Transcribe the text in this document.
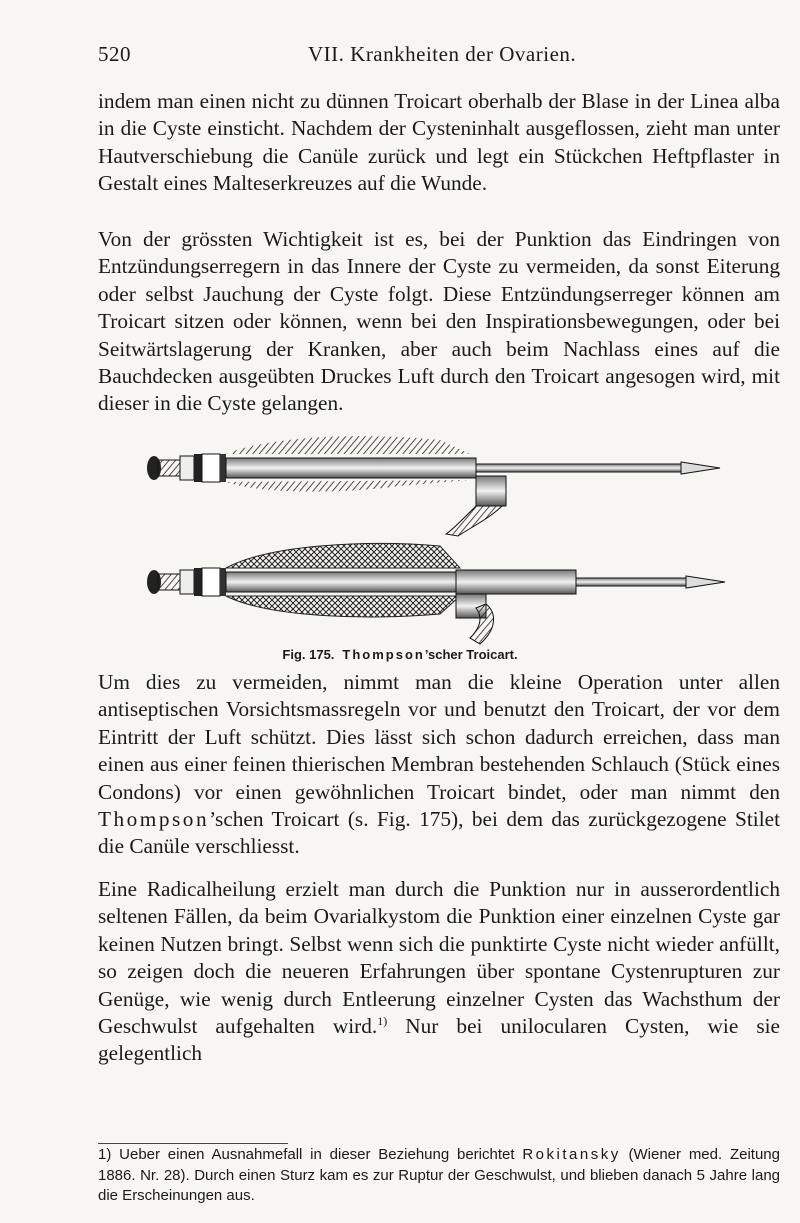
520	VII. Krankheiten der Ovarien.

indem man einen nicht zu dünnen Troicart oberhalb der Blase in der Linea alba in die Cyste einsticht. Nachdem der Cysteninhalt ausgeflossen, zieht man unter Hautverschiebung die Canüle zurück und legt ein Stückchen Heftpflaster in Gestalt eines Malteserkreuzes auf die Wunde.

Von der grössten Wichtigkeit ist es, bei der Punktion das Eindringen von Entzündungserregern in das Innere der Cyste zu vermeiden, da sonst Eiterung oder selbst Jauchung der Cyste folgt. Diese Entzündungserreger können am Troicart sitzen oder können, wenn bei den Inspirationsbewegungen, oder bei Seitwärtslagerung der Kranken, aber auch beim Nachlass eines auf die Bauchdecken ausgeübten Druckes Luft durch den Troicart angesogen wird, mit dieser in die Cyste gelangen.

Fig. 175. Thompson’scher Troicart.

Um dies zu vermeiden, nimmt man die kleine Operation unter allen antiseptischen Vorsichtsmassregeln vor und benutzt den Troicart, der vor dem Eintritt der Luft schützt. Dies lässt sich schon dadurch erreichen, dass man einen aus einer feinen thierischen Membran bestehenden Schlauch (Stück eines Condons) vor einen gewöhnlichen Troicart bindet, oder man nimmt den Thompson’schen Troicart (s. Fig. 175), bei dem das zurückgezogene Stilet die Canüle verschliesst.

Eine Radicalheilung erzielt man durch die Punktion nur in ausserordentlich seltenen Fällen, da beim Ovarialkystom die Punktion einer einzelnen Cyste gar keinen Nutzen bringt. Selbst wenn sich die punktirte Cyste nicht wieder anfüllt, so zeigen doch die neueren Erfahrungen über spontane Cystenrupturen zur Genüge, wie wenig durch Entleerung einzelner Cysten das Wachsthum der Geschwulst aufgehalten wird.$^{1)}$ Nur bei unilocularen Cysten, wie sie gelegentlich

1) Ueber einen Ausnahmefall in dieser Beziehung berichtet Rokitansky (Wiener med. Zeitung 1886. Nr. 28). Durch einen Sturz kam es zur Ruptur der Geschwulst, und blieben danach 5 Jahre lang die Erscheinungen aus.
